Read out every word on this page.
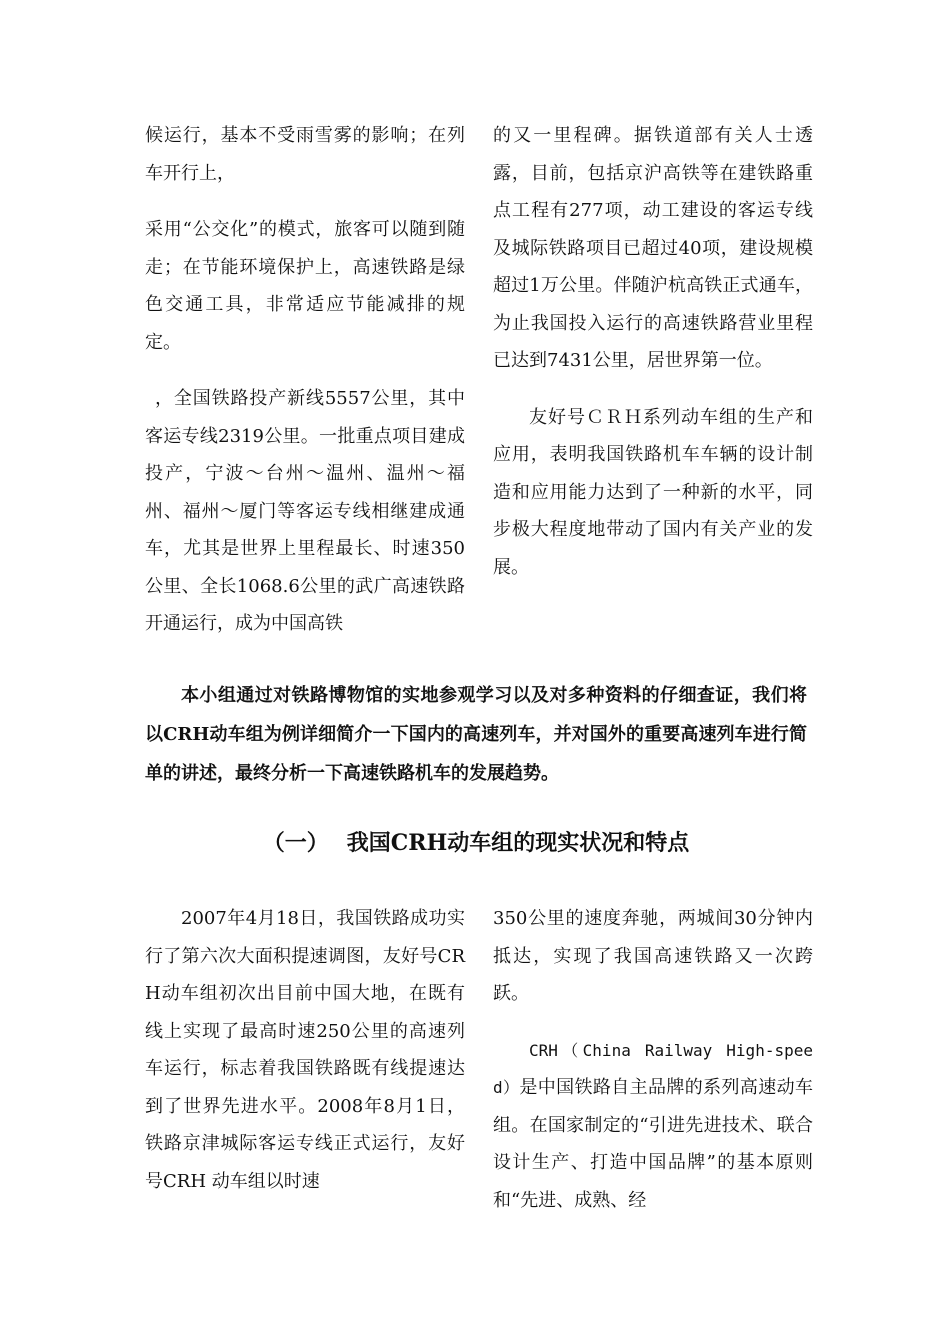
候运行，基本不受雨雪雾的影响；在列车开行上，

采用“公交化”的模式，旅客可以随到随走；在节能环境保护上，高速铁路是绿色交通工具，非常适应节能减排的规定。

，全国铁路投产新线5557公里，其中客运专线2319公里。一批重点项目建成投产，宁波～台州～温州、温州～福州、福州～厦门等客运专线相继建成通车，尤其是世界上里程最长、时速350公里、全长1068.6公里的武广高速铁路开通运行，成为中国高铁

的又一里程碑。据铁道部有关人士透露，目前，包括京沪高铁等在建铁路重点工程有277项，动工建设的客运专线及城际铁路项目已超过40项，建设规模超过1万公里。伴随沪杭高铁正式通车，为止我国投入运行的高速铁路营业里程已达到7431公里，居世界第一位。

友好号ＣＲＨ系列动车组的生产和应用，表明我国铁路机车车辆的设计制造和应用能力达到了一种新的水平，同步极大程度地带动了国内有关产业的发展。

本小组通过对铁路博物馆的实地参观学习以及对多种资料的仔细查证，我们将以CRH动车组为例详细简介一下国内的高速列车，并对国外的重要高速列车进行简单的讲述，最终分析一下高速铁路机车的发展趋势。

（一） 我国CRH动车组的现实状况和特点

2007年4月18日，我国铁路成功实行了第六次大面积提速调图，友好号CRH动车组初次出目前中国大地，在既有线上实现了最高时速250公里的高速列车运行，标志着我国铁路既有线提速达到了世界先进水平。2008年8月1日，铁路京津城际客运专线正式运行，友好号CRH 动车组以时速

350公里的速度奔驰，两城间30分钟内抵达，实现了我国高速铁路又一次跨跃。

CRH（China Railway High-speed）是中国铁路自主品牌的系列高速动车组。在国家制定的“引进先进技术、联合设计生产、打造中国品牌”的基本原则和“先进、成熟、经
